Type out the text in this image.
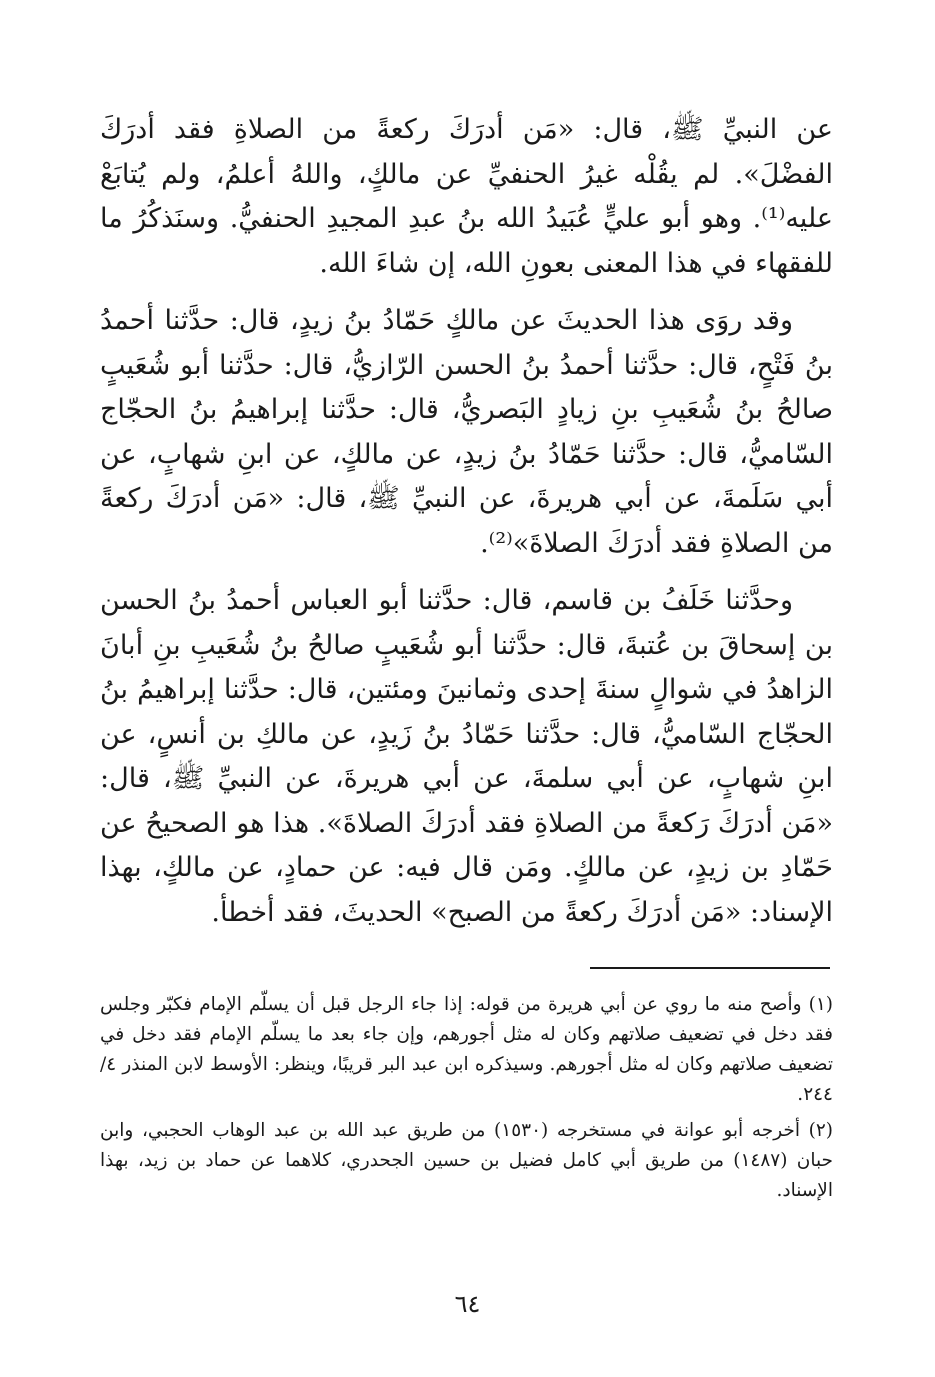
عن النبيِّ ﷺ، قال: «مَن أدرَكَ ركعةً من الصلاةِ فقد أدرَكَ الفضْلَ». لم يقُلْه غيرُ الحنفيِّ عن مالكٍ، واللهُ أعلمُ، ولم يُتابَعْ عليه⁽¹⁾. وهو أبو عليٍّ عُبَيدُ الله بنُ عبدِ المجيدِ الحنفيُّ. وسنَذكُرُ ما للفقهاء في هذا المعنى بعونِ الله، إن شاءَ الله.

وقد روَى هذا الحديثَ عن مالكٍ حَمّادُ بنُ زيدٍ، قال: حدَّثنا أحمدُ بنُ فَتْحٍ، قال: حدَّثنا أحمدُ بنُ الحسن الرّازيُّ، قال: حدَّثنا أبو شُعَيبٍ صالحُ بنُ شُعَيبِ بنِ زيادٍ البَصريُّ، قال: حدَّثنا إبراهيمُ بنُ الحجّاج السّاميُّ، قال: حدَّثنا حَمّادُ بنُ زيدٍ، عن مالكٍ، عن ابنِ شهابٍ، عن أبي سَلَمةَ، عن أبي هريرةَ، عن النبيِّ ﷺ، قال: «مَن أدرَكَ ركعةً من الصلاةِ فقد أدرَكَ الصلاةَ»⁽²⁾.

وحدَّثنا خَلَفُ بن قاسم، قال: حدَّثنا أبو العباس أحمدُ بنُ الحسن بن إسحاقَ بن عُتبةَ، قال: حدَّثنا أبو شُعَيبٍ صالحُ بنُ شُعَيبِ بنِ أبانَ الزاهدُ في شوالٍ سنةَ إحدى وثمانينَ ومئتين، قال: حدَّثنا إبراهيمُ بنُ الحجّاج السّاميُّ، قال: حدَّثنا حَمّادُ بنُ زَيدٍ، عن مالكِ بن أنسٍ، عن ابنِ شهابٍ، عن أبي سلمةَ، عن أبي هريرةَ، عن النبيِّ ﷺ، قال: «مَن أدرَكَ رَكعةً من الصلاةِ فقد أدرَكَ الصلاةَ». هذا هو الصحيحُ عن حَمّادِ بن زيدٍ، عن مالكٍ. ومَن قال فيه: عن حمادٍ، عن مالكٍ، بهذا الإسناد: «مَن أدرَكَ ركعةً من الصبح» الحديثَ، فقد أخطأ.

(١) وأصح منه ما روي عن أبي هريرة من قوله: إذا جاء الرجل قبل أن يسلّم الإمام فكبّر وجلس فقد دخل في تضعيف صلاتهم وكان له مثل أجورهم، وإن جاء بعد ما يسلّم الإمام فقد دخل في تضعيف صلاتهم وكان له مثل أجورهم. وسيذكره ابن عبد البر قريبًا، وينظر: الأوسط لابن المنذر ٤/ ٢٤٤.

(٢) أخرجه أبو عوانة في مستخرجه (١٥٣٠) من طريق عبد الله بن عبد الوهاب الحجبي، وابن حبان (١٤٨٧) من طريق أبي كامل فضيل بن حسين الجحدري، كلاهما عن حماد بن زيد، بهذا الإسناد.

٦٤
